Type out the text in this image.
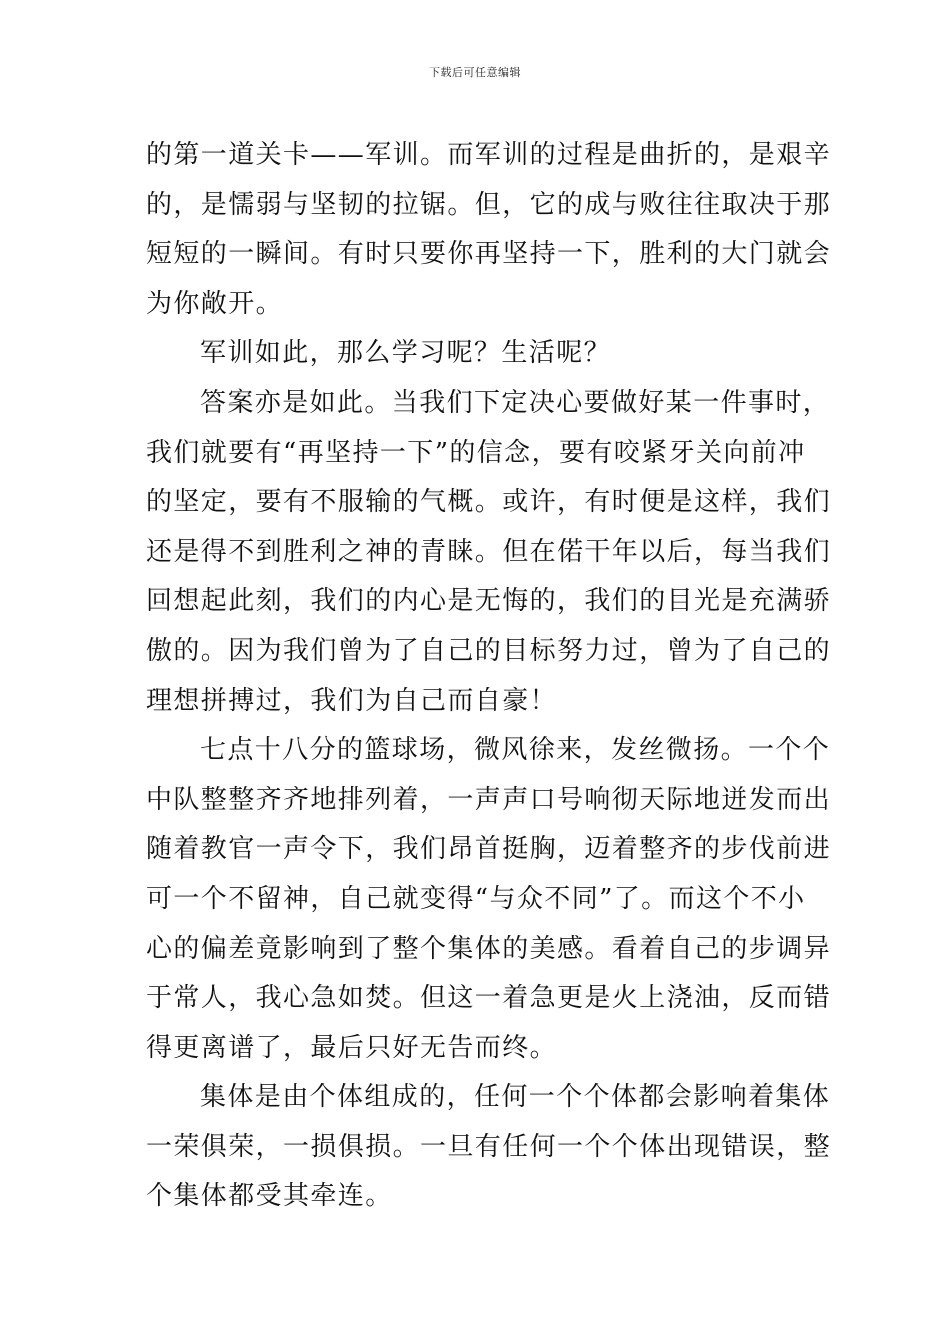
下载后可任意编辑
的第一道关卡——军训。而军训的过程是曲折的，是艰辛
的，是懦弱与坚韧的拉锯。但，它的成与败往往取决于那
短短的一瞬间。有时只要你再坚持一下，胜利的大门就会
为你敞开。
军训如此，那么学习呢？生活呢？
答案亦是如此。当我们下定决心要做好某一件事时，
我们就要有“再坚持一下”的信念，要有咬紧牙关向前冲
的坚定，要有不服输的气概。或许，有时便是这样，我们
还是得不到胜利之神的青睐。但在偌干年以后，每当我们
回想起此刻，我们的内心是无悔的，我们的目光是充满骄
傲的。因为我们曾为了自己的目标努力过，曾为了自己的
理想拼搏过，我们为自己而自豪！
七点十八分的篮球场，微风徐来，发丝微扬。一个个
中队整整齐齐地排列着，一声声口号响彻天际地迸发而出
随着教官一声令下，我们昂首挺胸，迈着整齐的步伐前进
可一个不留神，自己就变得“与众不同”了。而这个不小
心的偏差竟影响到了整个集体的美感。看着自己的步调异
于常人，我心急如焚。但这一着急更是火上浇油，反而错
得更离谱了，最后只好无告而终。
集体是由个体组成的，任何一个个体都会影响着集体
一荣俱荣，一损俱损。一旦有任何一个个体出现错误，整
个集体都受其牵连。
